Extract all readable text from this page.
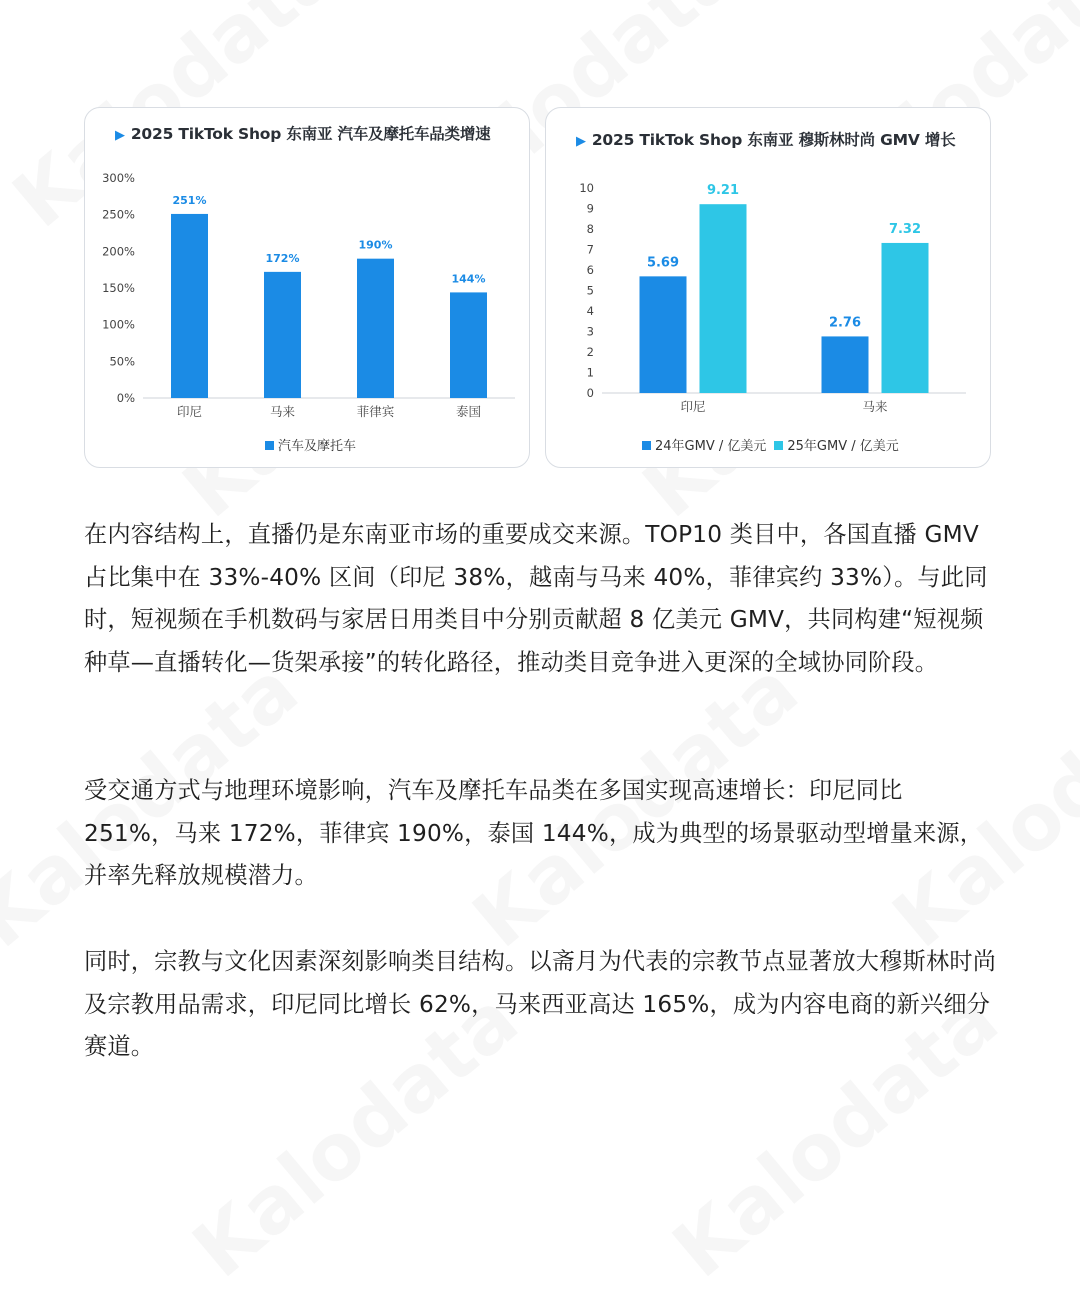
▶ 2025 TikTok Shop 东南亚 汽车及摩托车品类增速
0%
50%
100%
150%
200%
250%
300%
印尼
251%
马来
172%
菲律宾
190%
泰国
144%
汽车及摩托车
▶ 2025 TikTok Shop 东南亚 穆斯林时尚 GMV 增长
0
1
2
3
4
5
6
7
8
9
10
印尼
5.69
9.21
马来
2.76
7.32
24年GMV / 亿美元 25年GMV / 亿美元
在内容结构上，直播仍是东南亚市场的重要成交来源。TOP10 类目中，各国直播 GMV 占比集中在 33%-40% 区间（印尼 38%，越南与马来 40%，菲律宾约 33%）。与此同时，短视频在手机数码与家居日用类目中分别贡献超 8 亿美元 GMV，共同构建“短视频种草—直播转化—货架承接”的转化路径，推动类目竞争进入更深的全域协同阶段。
受交通方式与地理环境影响，汽车及摩托车品类在多国实现高速增长：印尼同比 251%，马来 172%，菲律宾 190%，泰国 144%，成为典型的场景驱动型增量来源，并率先释放规模潜力。
同时，宗教与文化因素深刻影响类目结构。以斋月为代表的宗教节点显著放大穆斯林时尚及宗教用品需求，印尼同比增长 62%，马来西亚高达 165%，成为内容电商的新兴细分赛道。
